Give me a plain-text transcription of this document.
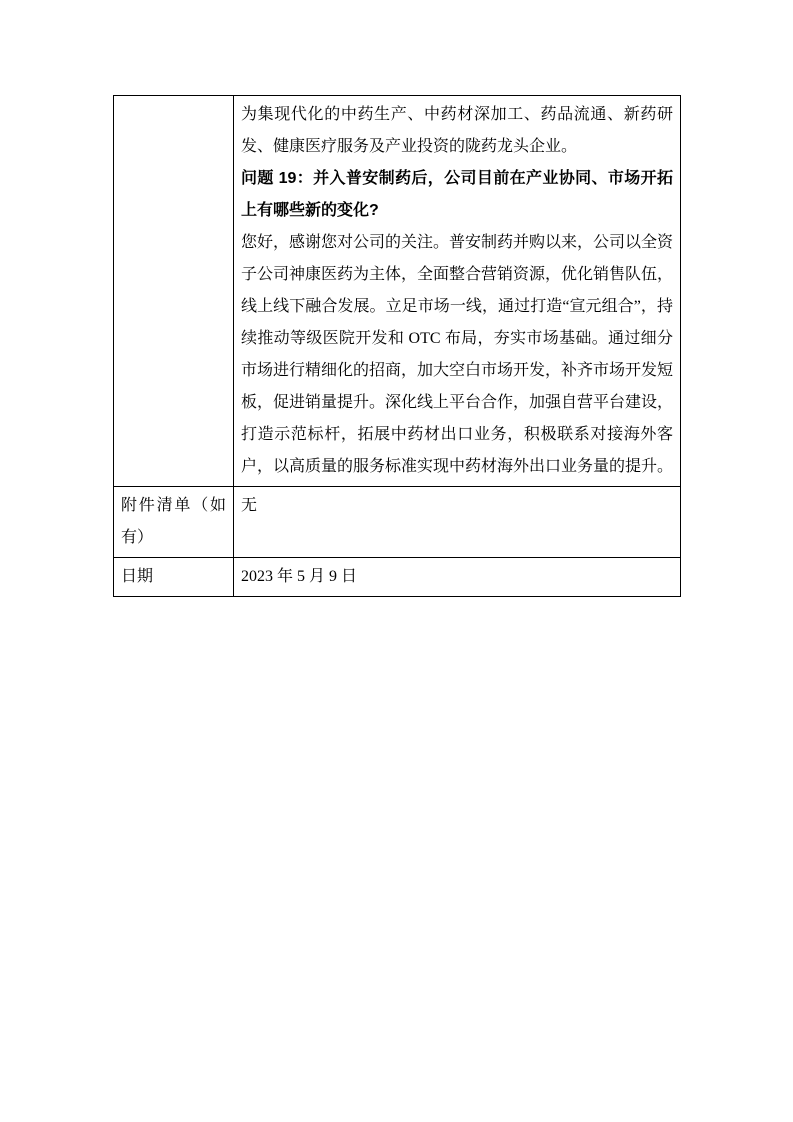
	为集现代化的中药生产、中药材深加工、药品流通、新药研发、健康医疗服务及产业投资的陇药龙头企业。

问题 19：并入普安制药后，公司目前在产业协同、市场开拓上有哪些新的变化?

您好，感谢您对公司的关注。普安制药并购以来，公司以全资子公司神康医药为主体，全面整合营销资源，优化销售队伍，线上线下融合发展。立足市场一线，通过打造“宣元组合”，持续推动等级医院开发和 OTC 布局，夯实市场基础。通过细分市场进行精细化的招商，加大空白市场开发，补齐市场开发短板，促进销量提升。深化线上平台合作，加强自营平台建设，打造示范标杆，拓展中药材出口业务，积极联系对接海外客户，以高质量的服务标准实现中药材海外出口业务量的提升。

附件清单（如有）	无
日期	2023 年 5 月 9 日
